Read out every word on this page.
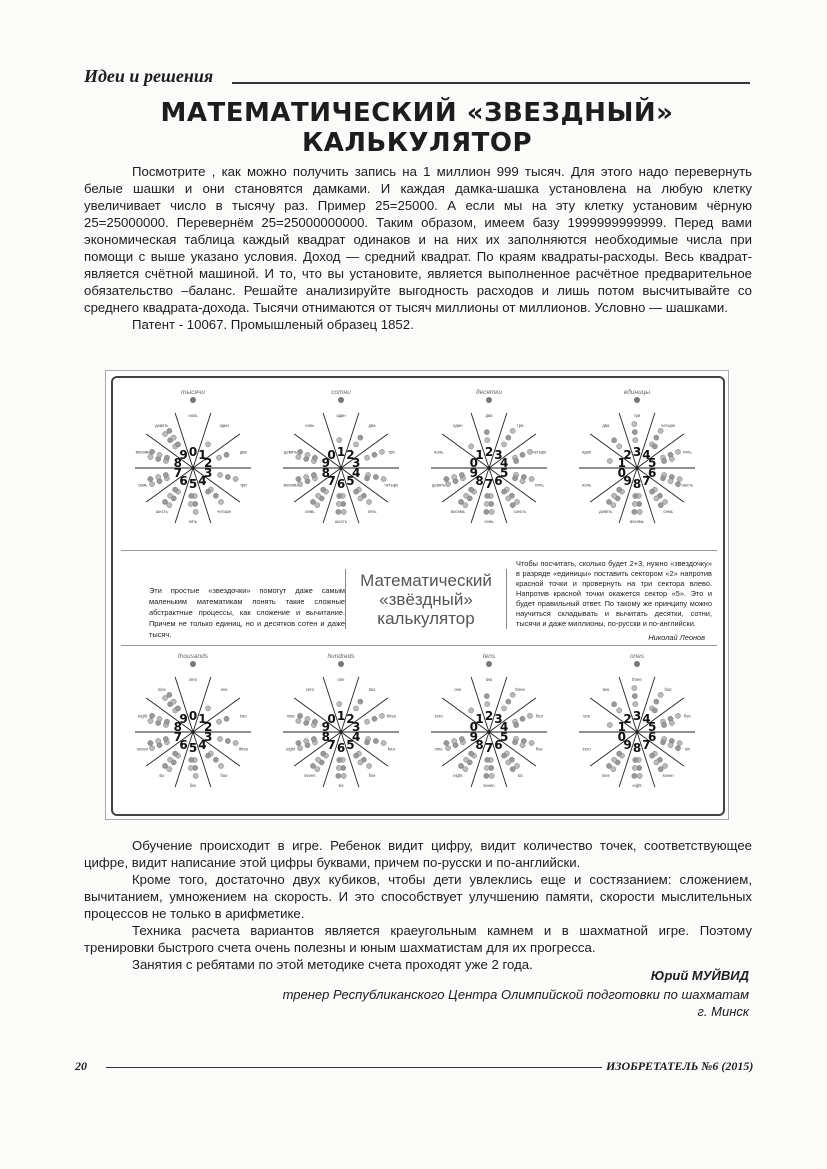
Идеи и решения
МАТЕМАТИЧЕСКИЙ «ЗВЕЗДНЫЙ»
КАЛЬКУЛЯТОР

Посмотрите , как можно получить запись на 1 миллион 999 тысяч. Для этого надо перевернуть белые шашки и они становятся дамками. И каждая дамка-шашка установлена на любую клетку увеличивает число в тысячу раз. Пример 25=25000. А если мы на эту клетку установим чёрную 25=25000000. Перевернём 25=25000000000. Таким образом, имеем базу 1999999999999. Перед вами экономическая таблица каждый квадрат одинаков и на них их заполняются необходимые числа при помощи с выше указано условия. Доход — средний квадрат. По краям квадраты-расходы. Весь квадрат-является счётной машиной. И то, что вы установите, является выполненное расчётное предварительное обязательство –баланс. Решайте анализируйте выгодность расходов и лишь потом высчитывайте со среднего квадрата-дохода. Тысячи отнимаются от тысяч миллионы от миллионов. Условно — шашками.

Патент - 10067. Промышленый образец 1852.

тысячи
0
ноль
1
один
2
два
3
три
4
четыре
5
пять
6
шесть
7
семь
8
восемь 9
девять
сотни
1
один
2
два
3
три
4
четыре
5
пять
6
шесть
7
семь
8
восемь
9
девять	0
ноль
десятки
2
два
3
три
4
четыре
5
пять
6
шесть
7
семь
8
восемь
9
девять
0
ноль	1
один
единицы
3
три
4
четыре
5
пять
6
шесть
7
семь
8
восемь
9
девять
0
ноль
1
один	2
два
Эти простые «звездочки» помогут даже самым маленьким математикам понять такие сложные абстрактные процессы, как сложение и вычитание. Причем не только единиц, но и десятков сотен и даже тысяч.
Математический
«звёздный»
калькулятор
Чтобы посчитать, сколько будет 2+3, нужно «звездочку» в разряде «единицы» поставить сектором «2» напротив красной точки и провернуть на три сектора влево. Напротив красной точки окажется сектор «5». Это и будет правильный ответ. По такому же принципу можно научиться складывать и вычитать десятки, сотни, тысячи и даже миллионы, по-русски и по-английски.
Николай Леонов
thousands
0
zero
1
one
2
two
3
three
4
four
5
five
6
six
7
seven
8
eight	9
nine
hundreds
1
one
2
two
3
three
4
four
5
five
6
six
7
seven
8
eight
9
nine	0
zero
tens
2
two
3
three
4
four
5
five
6
six
7
seven
8
eight
9
nine
0
zero	1
one
ones
3
three
4
four
5
five
6
six
7
seven
8
eight
9
nine
0
zero
1
one	2
two

Обучение происходит в игре. Ребенок видит цифру, видит количество точек, соответствующее цифре, видит написание этой цифры буквами, причем по-русски и по-английски.

Кроме того, достаточно двух кубиков, чтобы дети увлеклись еще и состязанием: сложением, вычитанием, умножением на скорость. И это способствует улучшению памяти, скорости мыслительных процессов не только в арифметике.

Техника расчета вариантов является краеугольным камнем и в шахматной игре. Поэтому тренировки быстрого счета очень полезны и юным шахматистам для их прогресса.

Занятия с ребятами по этой методике счета проходят уже 2 года.

Юрий МУЙВИД
тренер Республиканского Центра Олимпийской подготовки по шахматам
г. Минск
20	ИЗОБРЕТАТЕЛЬ №6 (2015)
